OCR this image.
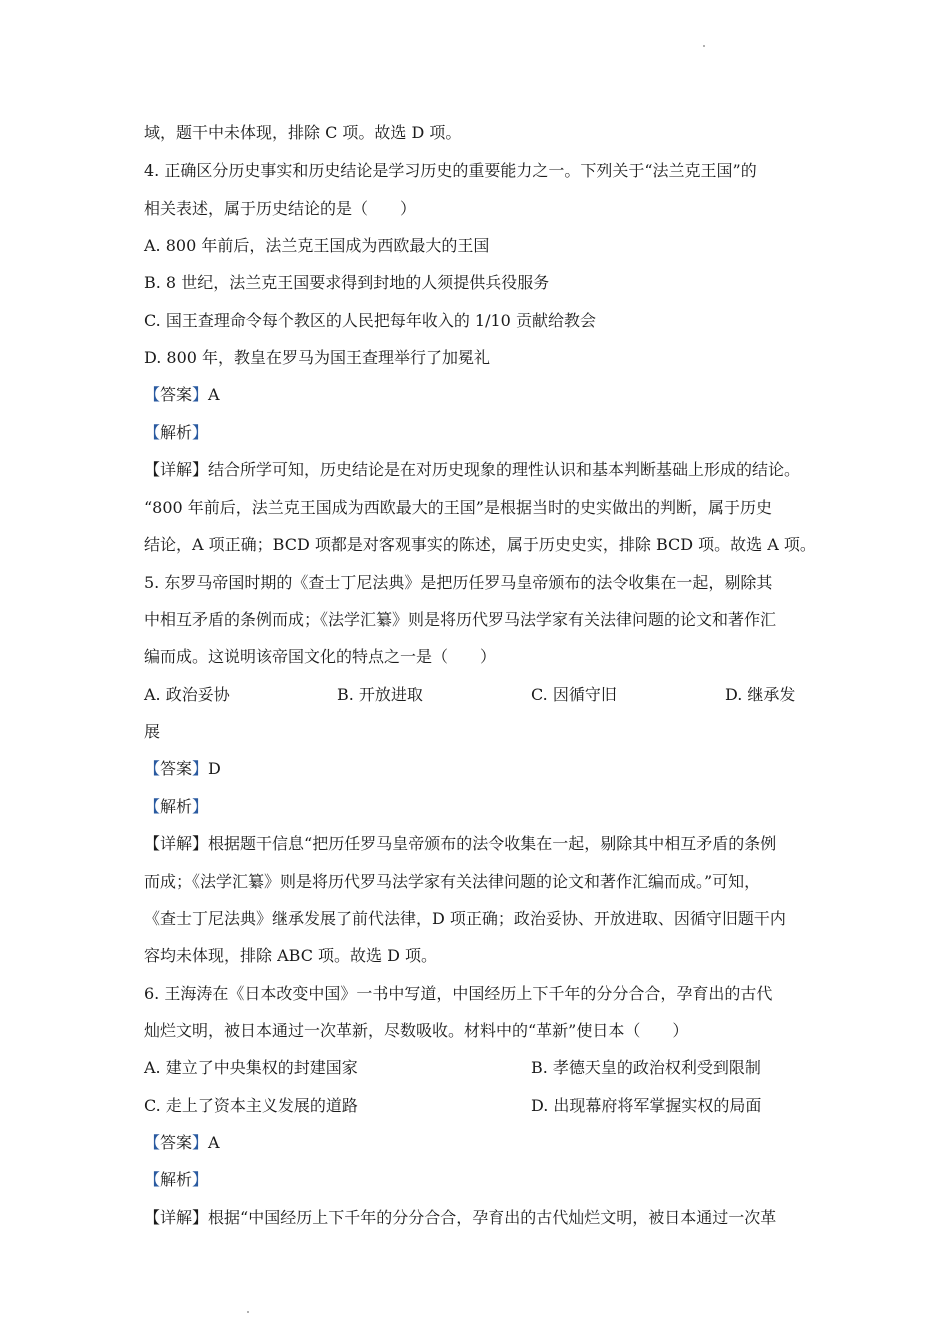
域，题干中未体现，排除 C 项。故选 D 项。
4. 正确区分历史事实和历史结论是学习历史的重要能力之一。下列关于“法兰克王国”的
相关表述，属于历史结论的是（　　）
A. 800 年前后，法兰克王国成为西欧最大的王国
B. 8 世纪，法兰克王国要求得到封地的人须提供兵役服务
C. 国王查理命令每个教区的人民把每年收入的 1/10 贡献给教会
D. 800 年，教皇在罗马为国王查理举行了加冕礼
【答案】A
【解析】
【详解】结合所学可知，历史结论是在对历史现象的理性认识和基本判断基础上形成的结论。
“800 年前后，法兰克王国成为西欧最大的王国”是根据当时的史实做出的判断，属于历史
结论，A 项正确；BCD 项都是对客观事实的陈述，属于历史史实，排除 BCD 项。故选 A 项。
5. 东罗马帝国时期的《查士丁尼法典》是把历任罗马皇帝颁布的法令收集在一起，剔除其
中相互矛盾的条例而成；《法学汇纂》则是将历代罗马法学家有关法律问题的论文和著作汇
编而成。这说明该帝国文化的特点之一是（　　）
A. 政治妥协	B. 开放进取	C. 因循守旧	D. 继承发
展
【答案】D
【解析】
【详解】根据题干信息“把历任罗马皇帝颁布的法令收集在一起，剔除其中相互矛盾的条例
而成；《法学汇纂》则是将历代罗马法学家有关法律问题的论文和著作汇编而成。”可知，
《查士丁尼法典》继承发展了前代法律，D 项正确；政治妥协、开放进取、因循守旧题干内
容均未体现，排除 ABC 项。故选 D 项。
6. 王海涛在《日本改变中国》一书中写道，中国经历上下千年的分分合合，孕育出的古代
灿烂文明，被日本通过一次革新，尽数吸收。材料中的“革新”使日本（　　）
A. 建立了中央集权的封建国家	B. 孝德天皇的政治权利受到限制
C. 走上了资本主义发展的道路	D. 出现幕府将军掌握实权的局面
【答案】A
【解析】
【详解】根据“中国经历上下千年的分分合合，孕育出的古代灿烂文明，被日本通过一次革
